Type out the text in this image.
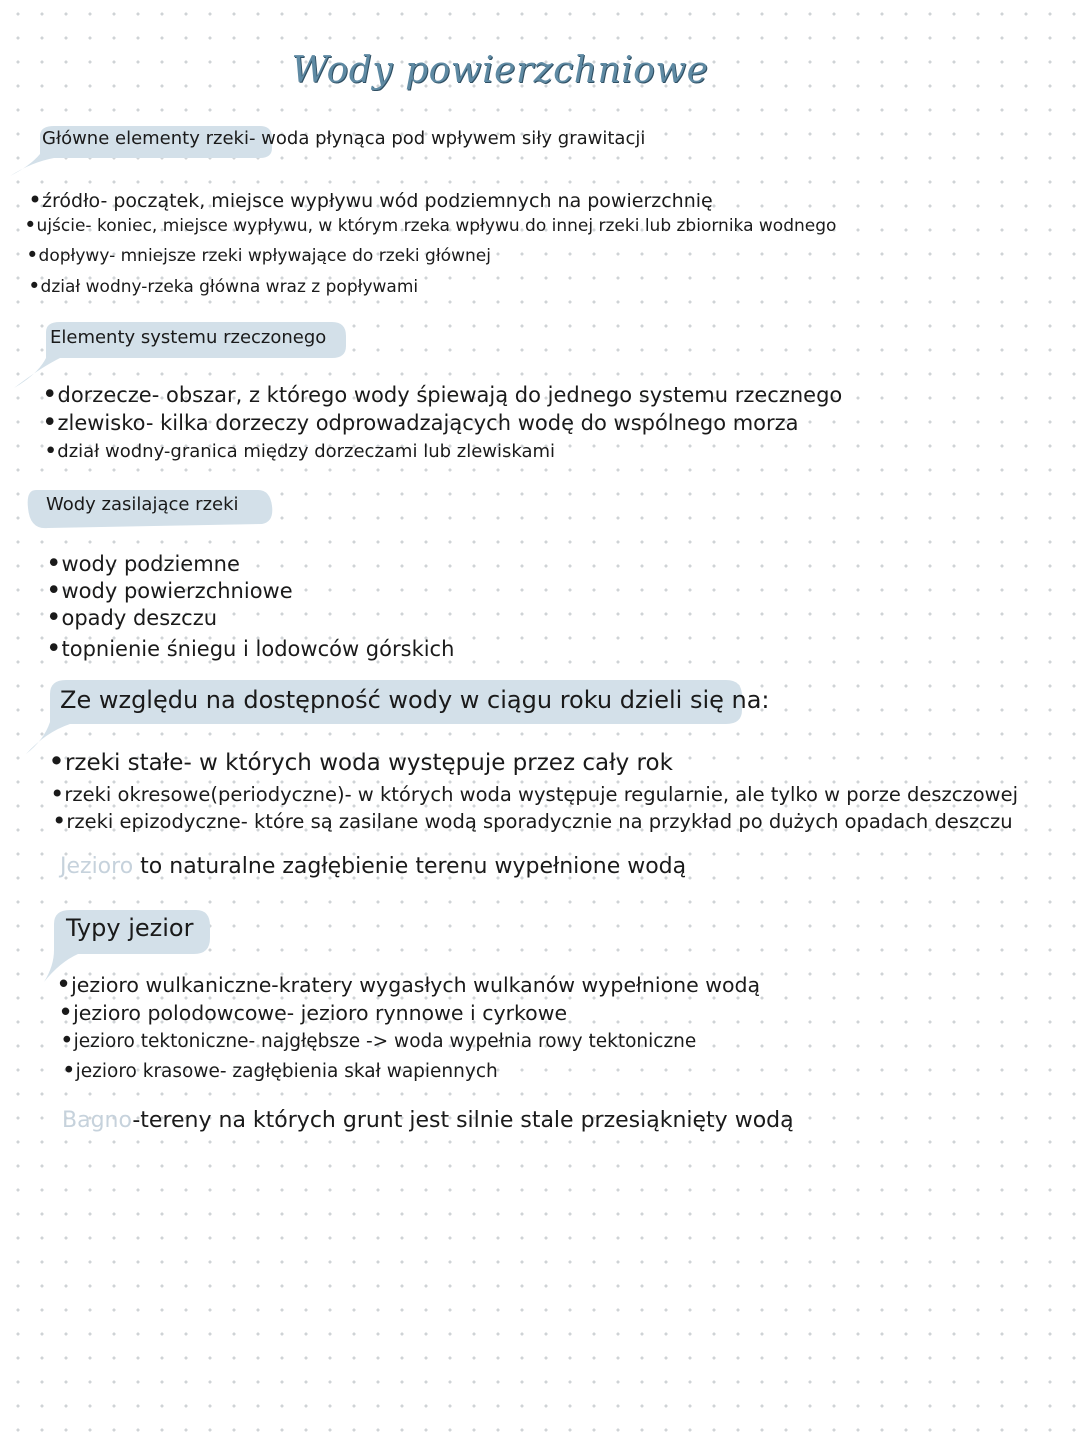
Wody powierzchniowe
Główne elementy rzeki- woda płynąca pod wpływem siły grawitacji
• źródło- początek, miejsce wypływu wód podziemnych na powierzchnię
• ujście- koniec, miejsce wypływu, w którym rzeka wpływu do innej rzeki lub zbiornika wodnego
• dopływy- mniejsze rzeki wpływające do rzeki głównej
• dział wodny-rzeka główna wraz z popływami
Elementy systemu rzeczonego
• dorzecze- obszar, z którego wody śpiewają do jednego systemu rzecznego
• zlewisko- kilka dorzeczy odprowadzających wodę do wspólnego morza
• dział wodny-granica między dorzeczami lub zlewiskami
Wody zasilające rzeki
• wody podziemne
• wody powierzchniowe
• opady deszczu
• topnienie śniegu i lodowców górskich
Ze względu na dostępność wody w ciągu roku dzieli się na:
• rzeki stałe- w których woda występuje przez cały rok
• rzeki okresowe(periodyczne)- w których woda występuje regularnie, ale tylko w porze deszczowej
• rzeki epizodyczne- które są zasilane wodą sporadycznie na przykład po dużych opadach deszczu
Jezioro to naturalne zagłębienie terenu wypełnione wodą
Typy jezior
• jezioro wulkaniczne-kratery wygasłych wulkanów wypełnione wodą
• jezioro polodowcowe- jezioro rynnowe i cyrkowe
• jezioro tektoniczne- najgłębsze -> woda wypełnia rowy tektoniczne
• jezioro krasowe- zagłębienia skał wapiennych
Bagno-tereny na których grunt jest silnie stale przesiąknięty wodą
